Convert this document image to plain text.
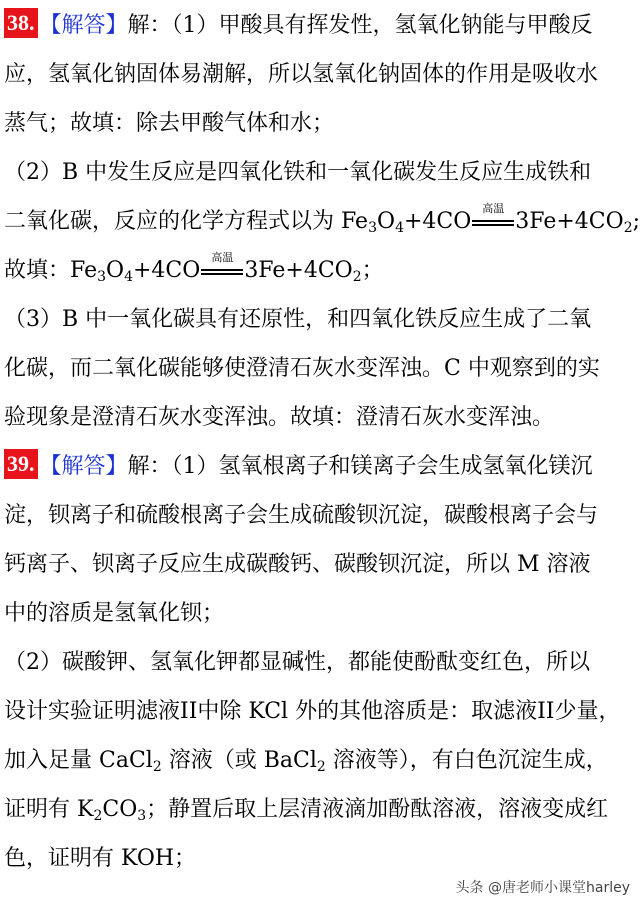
38. 【解答】解：（1）甲酸具有挥发性，氢氧化钠能与甲酸反
应，氢氧化钠固体易潮解，所以氢氧化钠固体的作用是吸收水
蒸气；故填：除去甲酸气体和水；
（2）B 中发生反应是四氧化铁和一氧化碳发生反应生成铁和
二氧化碳，反应的化学方程式以为 $Fe_3O_4+4CO$
高温
$3Fe+4CO_2$;
故填：$Fe_3O_4+4CO$
高温
$3Fe+4CO_2$；
（3）B 中一氧化碳具有还原性，和四氧化铁反应生成了二氧
化碳，而二氧化碳能够使澄清石灰水变浑浊。C 中观察到的实
验现象是澄清石灰水变浑浊。故填：澄清石灰水变浑浊。
39. 【解答】解：（1）氢氧根离子和镁离子会生成氢氧化镁沉
淀，钡离子和硫酸根离子会生成硫酸钡沉淀，碳酸根离子会与
钙离子、钡离子反应生成碳酸钙、碳酸钡沉淀，所以 M 溶液
中的溶质是氢氧化钡；
（2）碳酸钾、氢氧化钾都显碱性，都能使酚酞变红色，所以
设计实验证明滤液II中除 KCl 外的其他溶质是：取滤液II少量，
加入足量 CaCl$_2$ 溶液（或 BaCl$_2$ 溶液等），有白色沉淀生成，
证明有 $K_2CO_3$；静置后取上层清液滴加酚酞溶液，溶液变成红
色，证明有 KOH；
头条 @唐老师小课堂harley
